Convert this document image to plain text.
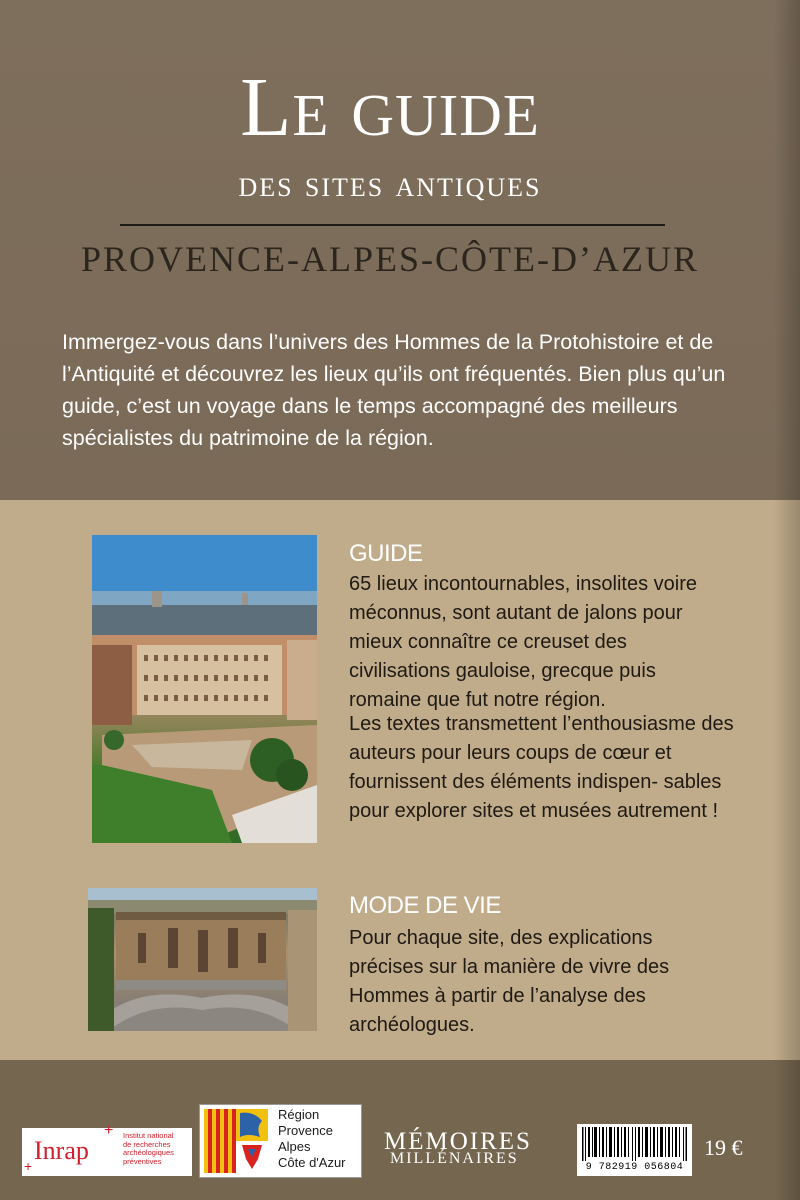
Le guide
des sites antiques
PROVENCE-ALPES-CÔTE-D’AZUR

Immergez-vous dans l’univers des Hommes de la Protohistoire et de l’Antiquité et découvrez les lieux qu’ils ont fréquentés. Bien plus qu’un guide, c’est un voyage dans le temps accompagné des meilleurs spécialistes du patrimoine de la région.

GUIDE

65 lieux incontournables, insolites voire méconnus, sont autant de jalons pour mieux connaître ce creuset des civilisations gauloise, grecque puis romaine que fut notre région.

Les textes transmettent l’enthousiasme des auteurs pour leurs coups de cœur et fournissent des éléments indispen- sables pour explorer sites et musées autrement !

MODE DE VIE

Pour chaque site, des explications précises sur la manière de vivre des Hommes à partir de l’analyse des archéologues.

+
+
Inrap
Institut national
de recherches
archéologiques
préventives
Région
Provence
Alpes
Côte d'Azur
MÉMOIRES
MILLÉNAIRES
9 782919 056804
19 €
